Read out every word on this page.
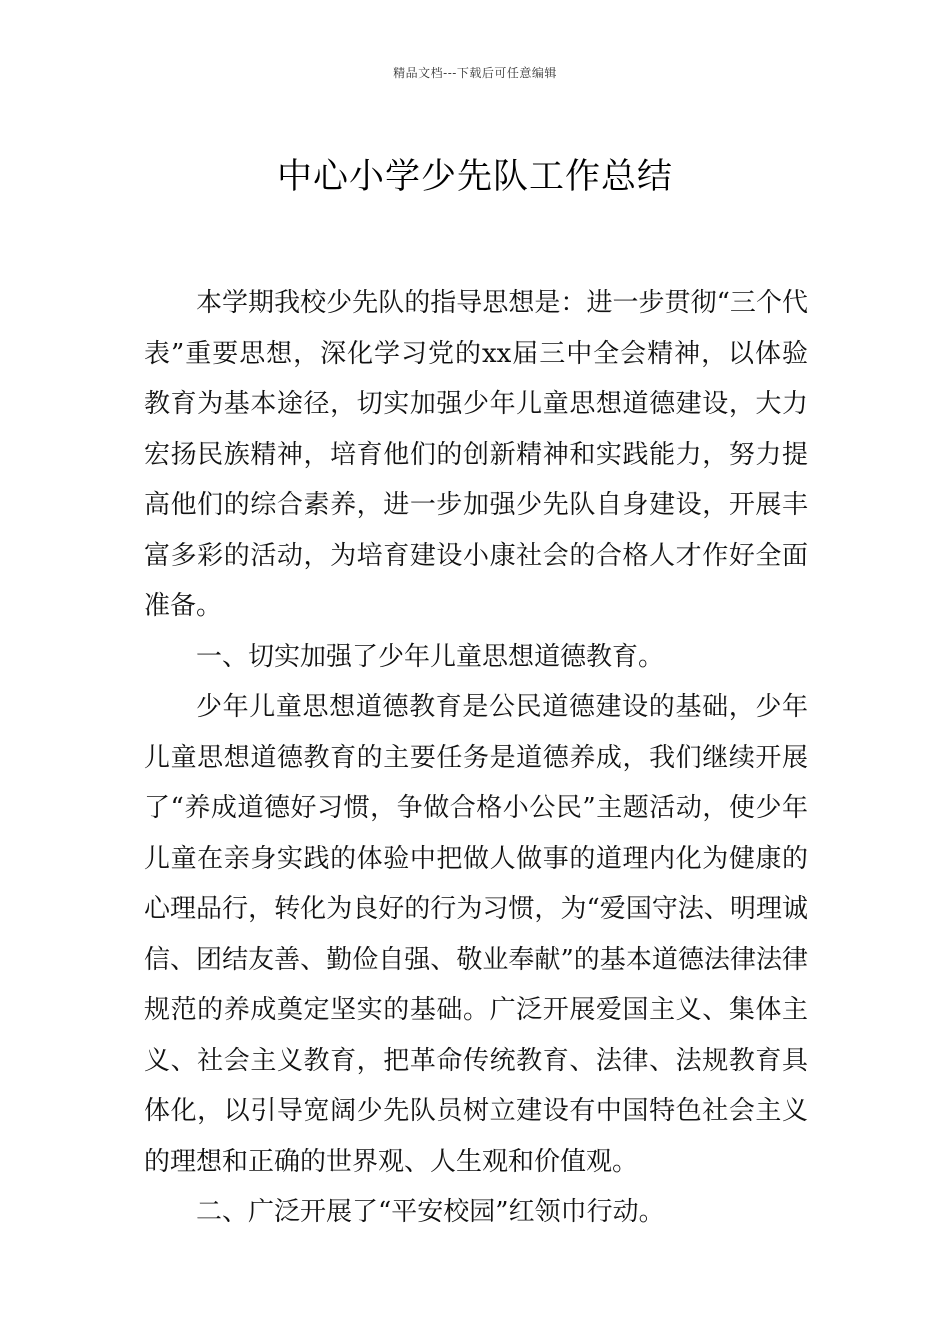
精品文档---下载后可任意编辑
中心小学少先队工作总结

本学期我校少先队的指导思想是：进一步贯彻“三个代表”重要思想，深化学习党的xx届三中全会精神，以体验教育为基本途径，切实加强少年儿童思想道德建设，大力宏扬民族精神，培育他们的创新精神和实践能力，努力提高他们的综合素养，进一步加强少先队自身建设，开展丰富多彩的活动，为培育建设小康社会的合格人才作好全面准备。

一、切实加强了少年儿童思想道德教育。

少年儿童思想道德教育是公民道德建设的基础，少年儿童思想道德教育的主要任务是道德养成，我们继续开展了“养成道德好习惯，争做合格小公民”主题活动，使少年儿童在亲身实践的体验中把做人做事的道理内化为健康的心理品行，转化为良好的行为习惯，为“爱国守法、明理诚信、团结友善、勤俭自强、敬业奉献”的基本道德法律法律规范的养成奠定坚实的基础。广泛开展爱国主义、集体主义、社会主义教育，把革命传统教育、法律、法规教育具体化，以引导宽阔少先队员树立建设有中国特色社会主义的理想和正确的世界观、人生观和价值观。

二、广泛开展了“平安校园”红领巾行动。
